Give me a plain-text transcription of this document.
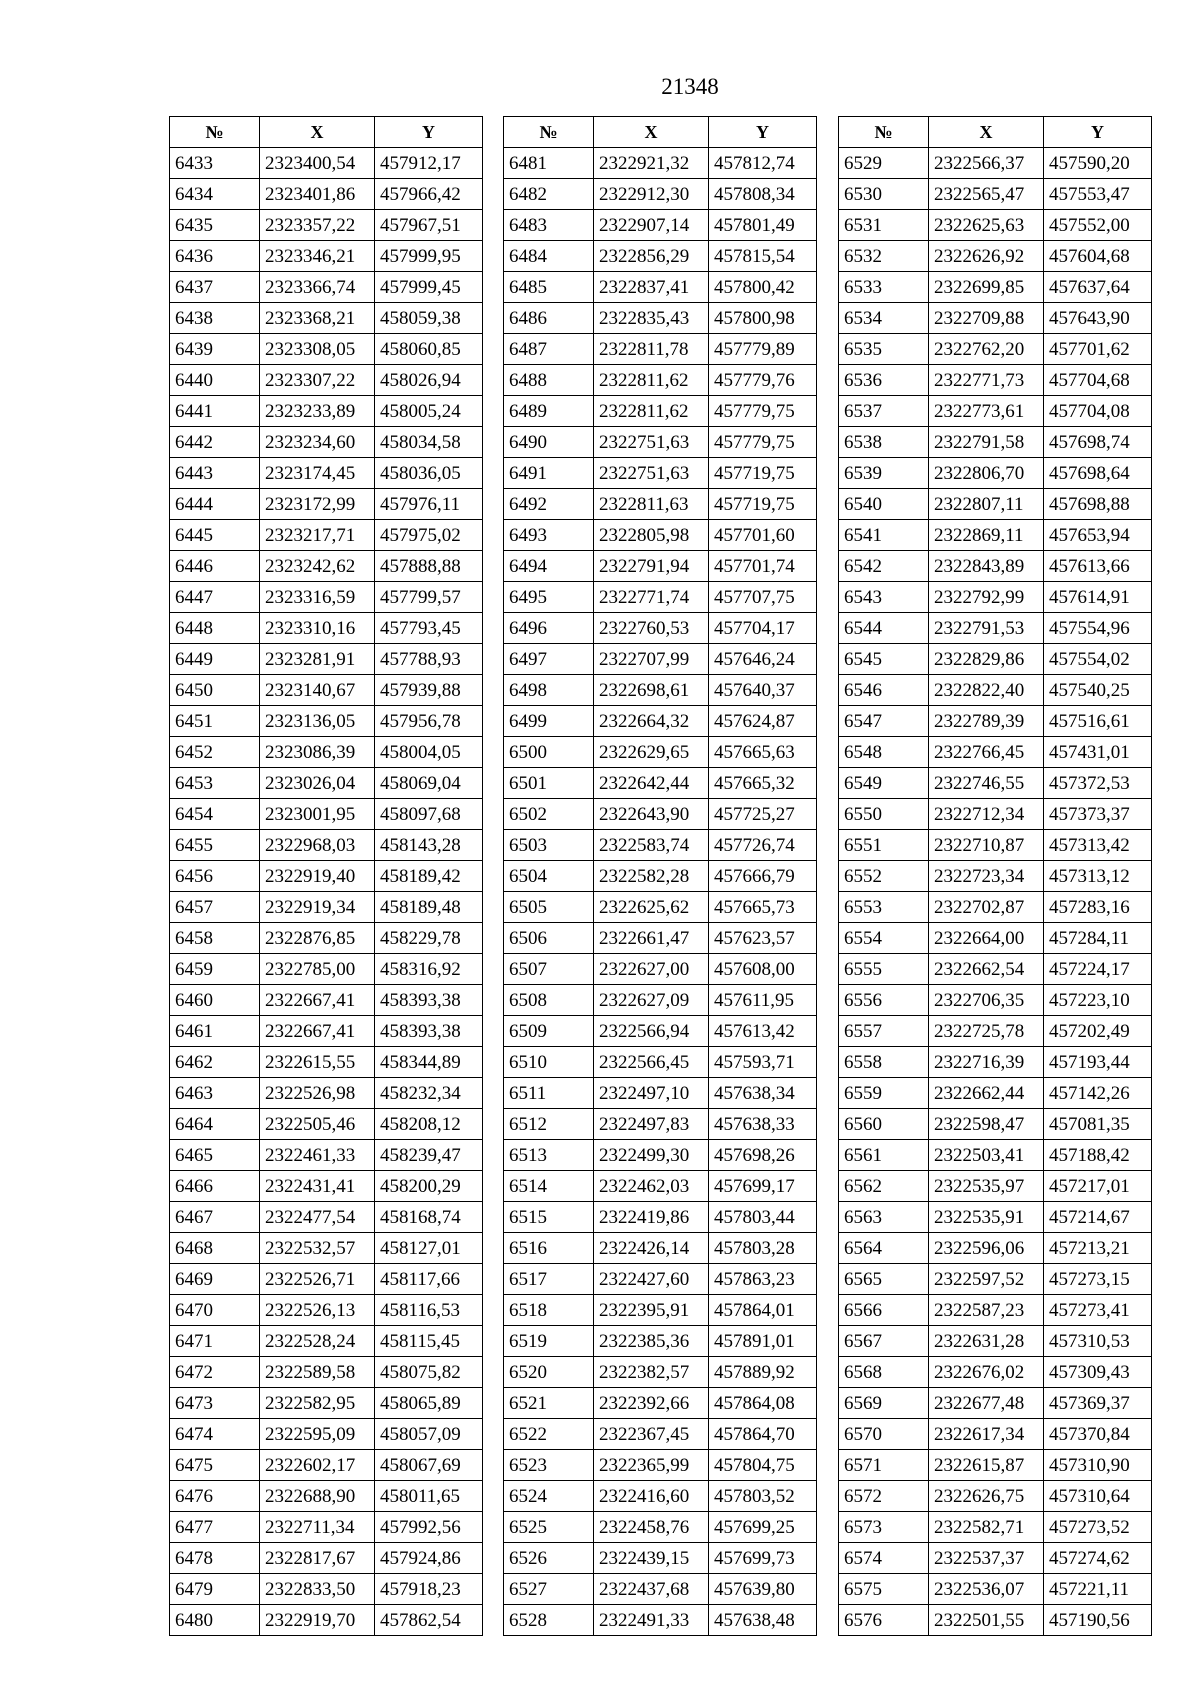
21348
№	X	Y
6433	2323400,54	457912,17
6434	2323401,86	457966,42
6435	2323357,22	457967,51
6436	2323346,21	457999,95
6437	2323366,74	457999,45
6438	2323368,21	458059,38
6439	2323308,05	458060,85
6440	2323307,22	458026,94
6441	2323233,89	458005,24
6442	2323234,60	458034,58
6443	2323174,45	458036,05
6444	2323172,99	457976,11
6445	2323217,71	457975,02
6446	2323242,62	457888,88
6447	2323316,59	457799,57
6448	2323310,16	457793,45
6449	2323281,91	457788,93
6450	2323140,67	457939,88
6451	2323136,05	457956,78
6452	2323086,39	458004,05
6453	2323026,04	458069,04
6454	2323001,95	458097,68
6455	2322968,03	458143,28
6456	2322919,40	458189,42
6457	2322919,34	458189,48
6458	2322876,85	458229,78
6459	2322785,00	458316,92
6460	2322667,41	458393,38
6461	2322667,41	458393,38
6462	2322615,55	458344,89
6463	2322526,98	458232,34
6464	2322505,46	458208,12
6465	2322461,33	458239,47
6466	2322431,41	458200,29
6467	2322477,54	458168,74
6468	2322532,57	458127,01
6469	2322526,71	458117,66
6470	2322526,13	458116,53
6471	2322528,24	458115,45
6472	2322589,58	458075,82
6473	2322582,95	458065,89
6474	2322595,09	458057,09
6475	2322602,17	458067,69
6476	2322688,90	458011,65
6477	2322711,34	457992,56
6478	2322817,67	457924,86
6479	2322833,50	457918,23
6480	2322919,70	457862,54
№	X	Y
6481	2322921,32	457812,74
6482	2322912,30	457808,34
6483	2322907,14	457801,49
6484	2322856,29	457815,54
6485	2322837,41	457800,42
6486	2322835,43	457800,98
6487	2322811,78	457779,89
6488	2322811,62	457779,76
6489	2322811,62	457779,75
6490	2322751,63	457779,75
6491	2322751,63	457719,75
6492	2322811,63	457719,75
6493	2322805,98	457701,60
6494	2322791,94	457701,74
6495	2322771,74	457707,75
6496	2322760,53	457704,17
6497	2322707,99	457646,24
6498	2322698,61	457640,37
6499	2322664,32	457624,87
6500	2322629,65	457665,63
6501	2322642,44	457665,32
6502	2322643,90	457725,27
6503	2322583,74	457726,74
6504	2322582,28	457666,79
6505	2322625,62	457665,73
6506	2322661,47	457623,57
6507	2322627,00	457608,00
6508	2322627,09	457611,95
6509	2322566,94	457613,42
6510	2322566,45	457593,71
6511	2322497,10	457638,34
6512	2322497,83	457638,33
6513	2322499,30	457698,26
6514	2322462,03	457699,17
6515	2322419,86	457803,44
6516	2322426,14	457803,28
6517	2322427,60	457863,23
6518	2322395,91	457864,01
6519	2322385,36	457891,01
6520	2322382,57	457889,92
6521	2322392,66	457864,08
6522	2322367,45	457864,70
6523	2322365,99	457804,75
6524	2322416,60	457803,52
6525	2322458,76	457699,25
6526	2322439,15	457699,73
6527	2322437,68	457639,80
6528	2322491,33	457638,48
№	X	Y
6529	2322566,37	457590,20
6530	2322565,47	457553,47
6531	2322625,63	457552,00
6532	2322626,92	457604,68
6533	2322699,85	457637,64
6534	2322709,88	457643,90
6535	2322762,20	457701,62
6536	2322771,73	457704,68
6537	2322773,61	457704,08
6538	2322791,58	457698,74
6539	2322806,70	457698,64
6540	2322807,11	457698,88
6541	2322869,11	457653,94
6542	2322843,89	457613,66
6543	2322792,99	457614,91
6544	2322791,53	457554,96
6545	2322829,86	457554,02
6546	2322822,40	457540,25
6547	2322789,39	457516,61
6548	2322766,45	457431,01
6549	2322746,55	457372,53
6550	2322712,34	457373,37
6551	2322710,87	457313,42
6552	2322723,34	457313,12
6553	2322702,87	457283,16
6554	2322664,00	457284,11
6555	2322662,54	457224,17
6556	2322706,35	457223,10
6557	2322725,78	457202,49
6558	2322716,39	457193,44
6559	2322662,44	457142,26
6560	2322598,47	457081,35
6561	2322503,41	457188,42
6562	2322535,97	457217,01
6563	2322535,91	457214,67
6564	2322596,06	457213,21
6565	2322597,52	457273,15
6566	2322587,23	457273,41
6567	2322631,28	457310,53
6568	2322676,02	457309,43
6569	2322677,48	457369,37
6570	2322617,34	457370,84
6571	2322615,87	457310,90
6572	2322626,75	457310,64
6573	2322582,71	457273,52
6574	2322537,37	457274,62
6575	2322536,07	457221,11
6576	2322501,55	457190,56
